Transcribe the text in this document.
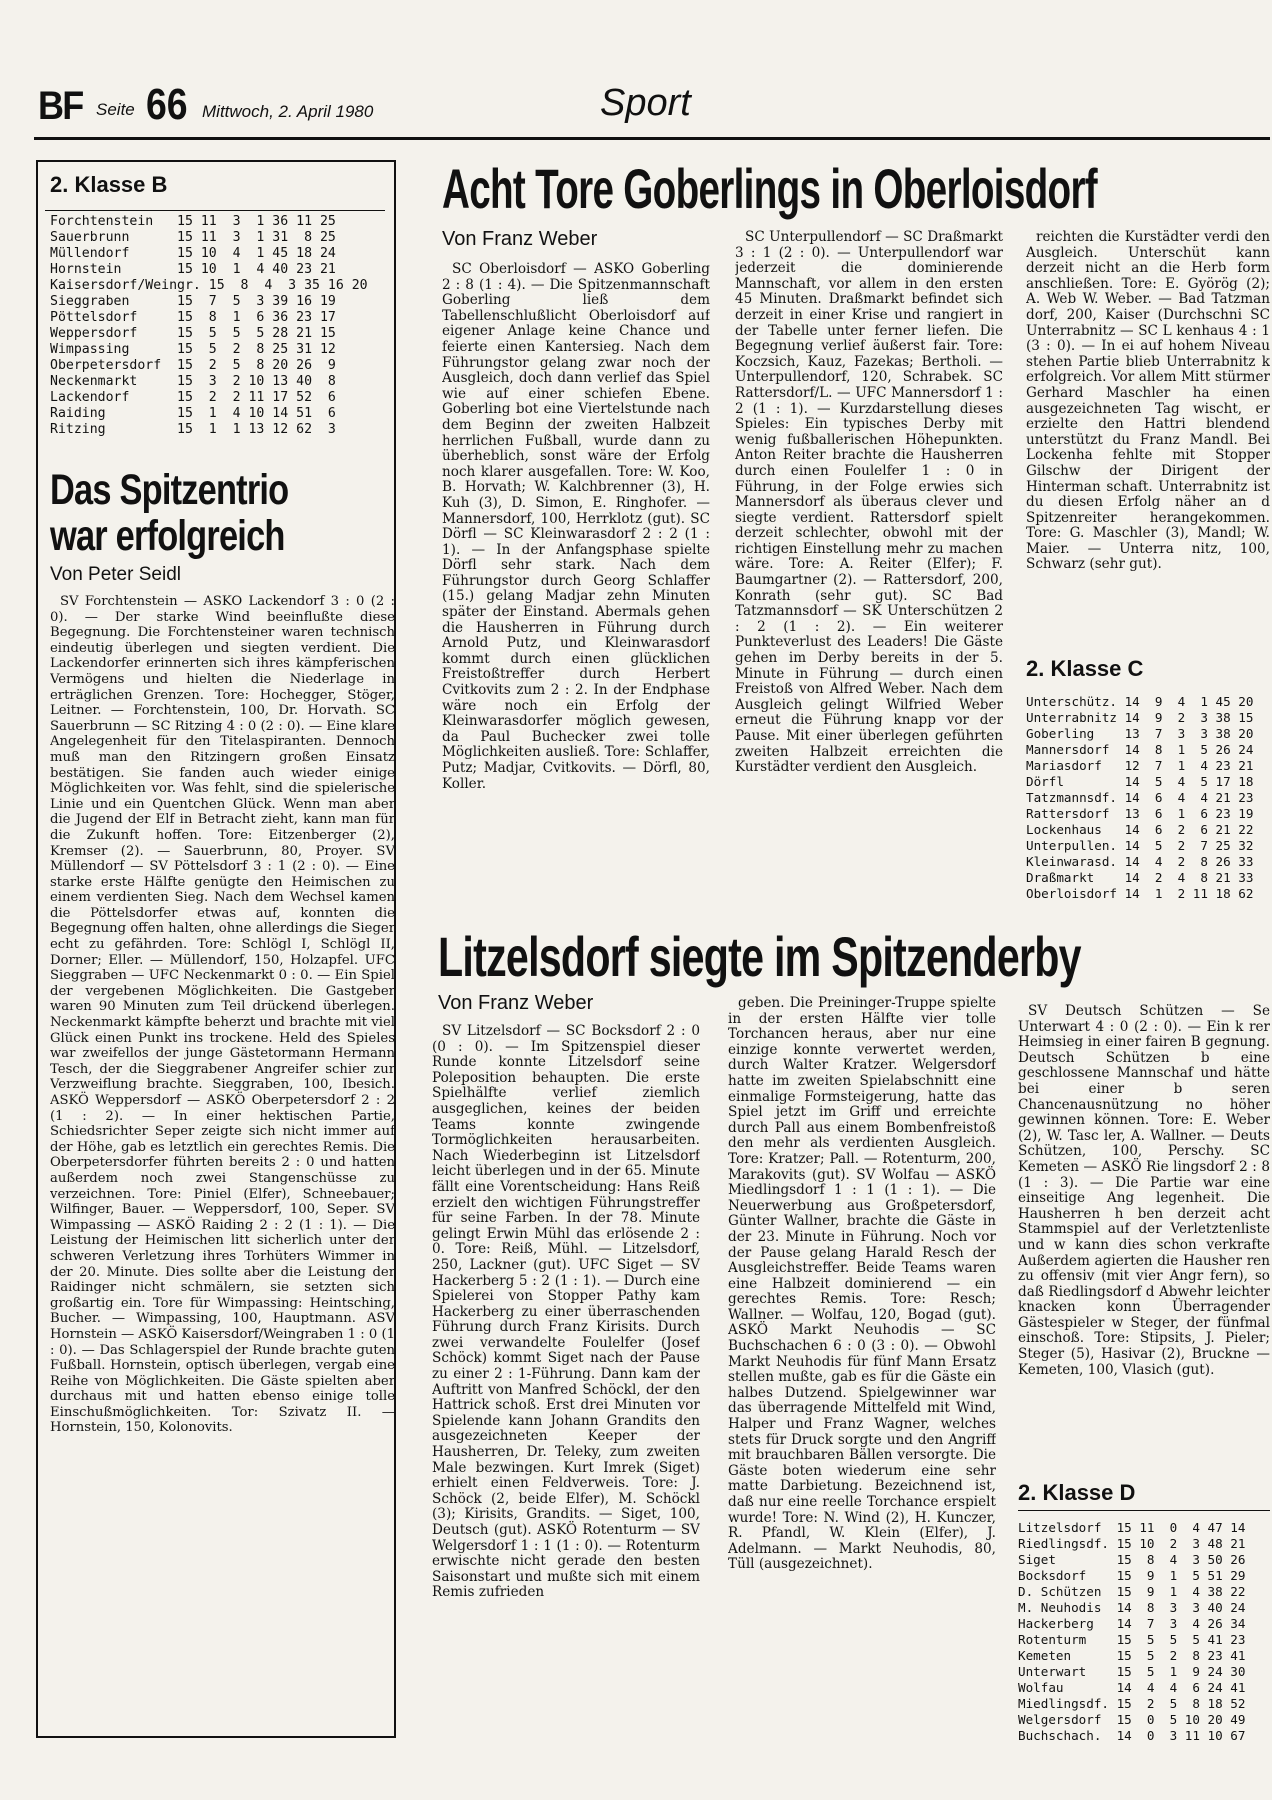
BF Seite 66 Mittwoch, 2. April 1980	Sport
2. Klasse B
Forchtenstein   15 11  3  1 36 11 25
Sauerbrunn      15 11  3  1 31  8 25
Müllendorf      15 10  4  1 45 18 24
Hornstein       15 10  1  4 40 23 21
Kaisersdorf/Weingr. 15  8  4  3 35 16 20
Sieggraben      15  7  5  3 39 16 19
Pöttelsdorf     15  8  1  6 36 23 17
Weppersdorf     15  5  5  5 28 21 15
Wimpassing      15  5  2  8 25 31 12
Oberpetersdorf  15  2  5  8 20 26  9
Neckenmarkt     15  3  2 10 13 40  8
Lackendorf      15  2  2 11 17 52  6
Raiding         15  1  4 10 14 51  6
Ritzing         15  1  1 13 12 62  3
Das Spitzentrio
war erfolgreich
Von Peter Seidl

SV Forchtenstein — ASKÖ Lackendorf 3 : 0 (2 : 0). — Der starke Wind beeinflußte diese Begegnung. Die Forchtensteiner waren technisch eindeutig überlegen und siegten verdient. Die Lackendorfer erinnerten sich ihres kämpferischen Vermögens und hielten die Niederlage in erträglichen Grenzen. Tore: Hochegger, Stöger, Leitner. — Forchtenstein, 100, Dr. Horvath. SC Sauerbrunn — SC Ritzing 4 : 0 (2 : 0). — Eine klare Angelegenheit für den Titelaspiranten. Dennoch muß man den Ritzingern großen Einsatz bestätigen. Sie fanden auch wieder einige Möglichkeiten vor. Was fehlt, sind die spielerische Linie und ein Quentchen Glück. Wenn man aber die Jugend der Elf in Betracht zieht, kann man für die Zukunft hoffen. Tore: Eitzenberger (2), Kremser (2). — Sauerbrunn, 80, Proyer. SV Müllendorf — SV Pöttelsdorf 3 : 1 (2 : 0). — Eine starke erste Hälfte genügte den Heimischen zu einem verdienten Sieg. Nach dem Wechsel kamen die Pöttelsdorfer etwas auf, konnten die Begegnung offen halten, ohne allerdings die Sieger echt zu gefährden. Tore: Schlögl I, Schlögl II, Dorner; Eller. — Müllendorf, 150, Holzapfel. UFC Sieggraben — UFC Neckenmarkt 0 : 0. — Ein Spiel der vergebenen Möglichkeiten. Die Gastgeber waren 90 Minuten zum Teil drückend überlegen. Neckenmarkt kämpfte beherzt und brachte mit viel Glück einen Punkt ins trockene. Held des Spieles war zweifellos der junge Gästetormann Hermann Tesch, der die Sieggrabener Angreifer schier zur Verzweiflung brachte. Sieggraben, 100, Ibesich. ASKÖ Weppersdorf — ASKÖ Oberpetersdorf 2 : 2 (1 : 2). — In einer hektischen Partie, Schiedsrichter Seper zeigte sich nicht immer auf der Höhe, gab es letztlich ein gerechtes Remis. Die Oberpetersdorfer führten bereits 2 : 0 und hatten außerdem noch zwei Stangenschüsse zu verzeichnen. Tore: Piniel (Elfer), Schneebauer; Wilfinger, Bauer. — Weppersdorf, 100, Seper. SV Wimpassing — ASKÖ Raiding 2 : 2 (1 : 1). — Die Leistung der Heimischen litt sicherlich unter der schweren Verletzung ihres Torhüters Wimmer in der 20. Minute. Dies sollte aber die Leistung der Raidinger nicht schmälern, sie setzten sich großartig ein. Tore für Wimpassing: Heintsching, Bucher. — Wimpassing, 100, Hauptmann. ASV Hornstein — ASKÖ Kaisersdorf/Weingraben 1 : 0 (1 : 0). — Das Schlagerspiel der Runde brachte guten Fußball. Hornstein, optisch überlegen, vergab eine Reihe von Möglichkeiten. Die Gäste spielten aber durchaus mit und hatten ebenso einige tolle Einschußmöglichkeiten. Tor: Szivatz II. — Hornstein, 150, Kolonovits.

Acht Tore Goberlings in Oberloisdorf
Von Franz Weber

SC Oberloisdorf — ASKÖ Goberling 2 : 8 (1 : 4). — Die Spitzenmannschaft Goberling ließ dem Tabellenschlußlicht Oberloisdorf auf eigener Anlage keine Chance und feierte einen Kantersieg. Nach dem Führungstor gelang zwar noch der Ausgleich, doch dann verlief das Spiel wie auf einer schiefen Ebene. Goberling bot eine Viertelstunde nach dem Beginn der zweiten Halbzeit herrlichen Fußball, wurde dann zu überheblich, sonst wäre der Erfolg noch klarer ausgefallen. Tore: W. Koo, B. Horvath; W. Kalchbrenner (3), H. Kuh (3), D. Simon, E. Ringhofer. — Mannersdorf, 100, Herrklotz (gut). SC Dörfl — SC Kleinwarasdorf 2 : 2 (1 : 1). — In der Anfangsphase spielte Dörfl sehr stark. Nach dem Führungstor durch Georg Schlaffer (15.) gelang Madjar zehn Minuten später der Einstand. Abermals gehen die Hausherren in Führung durch Arnold Putz, und Kleinwarasdorf kommt durch einen glücklichen Freistoßtreffer durch Herbert Cvitkovits zum 2 : 2. In der Endphase wäre noch ein Erfolg der Kleinwarasdorfer möglich gewesen, da Paul Buchecker zwei tolle Möglichkeiten ausließ. Tore: Schlaffer, Putz; Madjar, Cvitkovits. — Dörfl, 80, Koller.

SC Unterpullendorf — SC Draßmarkt 3 : 1 (2 : 0). — Unterpullendorf war jederzeit die dominierende Mannschaft, vor allem in den ersten 45 Minuten. Draßmarkt befindet sich derzeit in einer Krise und rangiert in der Tabelle unter ferner liefen. Die Begegnung verlief äußerst fair. Tore: Koczsich, Kauz, Fazekas; Bertholi. — Unterpullendorf, 120, Schrabek. SC Rattersdorf/L. — UFC Mannersdorf 1 : 2 (1 : 1). — Kurzdarstellung dieses Spieles: Ein typisches Derby mit wenig fußballerischen Höhepunkten. Anton Reiter brachte die Hausherren durch einen Foulelfer 1 : 0 in Führung, in der Folge erwies sich Mannersdorf als überaus clever und siegte verdient. Rattersdorf spielt derzeit schlechter, obwohl mit der richtigen Einstellung mehr zu machen wäre. Tore: A. Reiter (Elfer); F. Baumgartner (2). — Rattersdorf, 200, Konrath (sehr gut). SC Bad Tatzmannsdorf — SK Unterschützen 2 : 2 (1 : 2). — Ein weiterer Punkteverlust des Leaders! Die Gäste gehen im Derby bereits in der 5. Minute in Führung — durch einen Freistoß von Alfred Weber. Nach dem Ausgleich gelingt Wilfried Weber erneut die Führung knapp vor der Pause. Mit einer überlegen geführten zweiten Halbzeit erreichten die Kurstädter verdient den Ausgleich.

reichten die Kurstädter verdi den Ausgleich. Unterschüt kann derzeit nicht an die Herb form anschließen. Tore: E. Györög (2); A. Web W. Weber. — Bad Tatzman dorf, 200, Kaiser (Durchschni SC Unterrabnitz — SC L kenhaus 4 : 1 (3 : 0). — In ei auf hohem Niveau stehen Partie blieb Unterrabnitz k erfolgreich. Vor allem Mitt stürmer Gerhard Maschler ha einen ausgezeichneten Tag wischt, er erzielte den Hattri blendend unterstützt du Franz Mandl. Bei Lockenha fehlte mit Stopper Gilschw der Dirigent der Hinterman schaft. Unterrabnitz ist du diesen Erfolg näher an d Spitzenreiter herangekommen. Tore: G. Maschler (3), Mandl; W. Maier. — Unterra nitz, 100, Schwarz (sehr gut).

2. Klasse C
Unterschütz. 14  9  4  1 45 20
Unterrabnitz 14  9  2  3 38 15
Goberling    13  7  3  3 38 20
Mannersdorf  14  8  1  5 26 24
Mariasdorf   12  7  1  4 23 21
Dörfl        14  5  4  5 17 18
Tatzmannsdf. 14  6  4  4 21 23
Rattersdorf  13  6  1  6 23 19
Lockenhaus   14  6  2  6 21 22
Unterpullen. 14  5  2  7 25 32
Kleinwarasd. 14  4  2  8 26 33
Draßmarkt    14  2  4  8 21 33
Oberloisdorf 14  1  2 11 18 62
Litzelsdorf siegte im Spitzenderby
Von Franz Weber

SV Litzelsdorf — SC Bocksdorf 2 : 0 (0 : 0). — Im Spitzenspiel dieser Runde konnte Litzelsdorf seine Poleposition behaupten. Die erste Spielhälfte verlief ziemlich ausgeglichen, keines der beiden Teams konnte zwingende Tormöglichkeiten herausarbeiten. Nach Wiederbeginn ist Litzelsdorf leicht überlegen und in der 65. Minute fällt eine Vorentscheidung: Hans Reiß erzielt den wichtigen Führungstreffer für seine Farben. In der 78. Minute gelingt Erwin Mühl das erlösende 2 : 0. Tore: Reiß, Mühl. — Litzelsdorf, 250, Lackner (gut). UFC Siget — SV Hackerberg 5 : 2 (1 : 1). — Durch eine Spielerei von Stopper Pathy kam Hackerberg zu einer überraschenden Führung durch Franz Kirisits. Durch zwei verwandelte Foulelfer (Josef Schöck) kommt Siget nach der Pause zu einer 2 : 1-Führung. Dann kam der Auftritt von Manfred Schöckl, der den Hattrick schoß. Erst drei Minuten vor Spielende kann Johann Grandits den ausgezeichneten Keeper der Hausherren, Dr. Teleky, zum zweiten Male bezwingen. Kurt Imrek (Siget) erhielt einen Feldverweis. Tore: J. Schöck (2, beide Elfer), M. Schöckl (3); Kirisits, Grandits. — Siget, 100, Deutsch (gut). ASKÖ Rotenturm — SV Welgersdorf 1 : 1 (1 : 0). — Rotenturm erwischte nicht gerade den besten Saisonstart und mußte sich mit einem Remis zufrieden

geben. Die Preininger-Truppe spielte in der ersten Hälfte vier tolle Torchancen heraus, aber nur eine einzige konnte verwertet werden, durch Walter Kratzer. Welgersdorf hatte im zweiten Spielabschnitt eine einmalige Formsteigerung, hatte das Spiel jetzt im Griff und erreichte durch Pall aus einem Bombenfreistoß den mehr als verdienten Ausgleich. Tore: Kratzer; Pall. — Rotenturm, 200, Marakovits (gut). SV Wolfau — ASKÖ Miedlingsdorf 1 : 1 (1 : 1). — Die Neuerwerbung aus Großpetersdorf, Günter Wallner, brachte die Gäste in der 23. Minute in Führung. Noch vor der Pause gelang Harald Resch der Ausgleichstreffer. Beide Teams waren eine Halbzeit dominierend — ein gerechtes Remis. Tore: Resch; Wallner. — Wolfau, 120, Bogad (gut). ASKÖ Markt Neuhodis — SC Buchschachen 6 : 0 (3 : 0). — Obwohl Markt Neuhodis für fünf Mann Ersatz stellen mußte, gab es für die Gäste ein halbes Dutzend. Spielgewinner war das überragende Mittelfeld mit Wind, Halper und Franz Wagner, welches stets für Druck sorgte und den Angriff mit brauchbaren Bällen versorgte. Die Gäste boten wiederum eine sehr matte Darbietung. Bezeichnend ist, daß nur eine reelle Torchance erspielt wurde! Tore: N. Wind (2), H. Kunczer, R. Pfandl, W. Klein (Elfer), J. Adelmann. — Markt Neuhodis, 80, Tüll (ausgezeichnet).

SV Deutsch Schützen — Se Unterwart 4 : 0 (2 : 0). — Ein k rer Heimsieg in einer fairen B gegnung. Deutsch Schützen b eine geschlossene Mannschaf und hätte bei einer b seren Chancenausnützung no höher gewinnen können. Tore: E. Weber (2), W. Tasc ler, A. Wallner. — Deuts Schützen, 100, Perschy. SC Kemeten — ASKÖ Rie lingsdorf 2 : 8 (1 : 3). — Die Partie war eine einseitige Ang legenheit. Die Hausherren h ben derzeit acht Stammspiel auf der Verletztenliste und w kann dies schon verkrafte Außerdem agierten die Hausher ren zu offensiv (mit vier Angr fern), so daß Riedlingsdorf d Abwehr leichter knacken konn Überragender Gästespieler w Steger, der fünfmal einschoß. Tore: Stipsits, J. Pieler; Steger (5), Hasivar (2), Bruckne — Kemeten, 100, Vlasich (gut).

2. Klasse D
Litzelsdorf  15 11  0  4 47 14
Riedlingsdf. 15 10  2  3 48 21
Siget        15  8  4  3 50 26
Bocksdorf    15  9  1  5 51 29
D. Schützen  15  9  1  4 38 22
M. Neuhodis  14  8  3  3 40 24
Hackerberg   14  7  3  4 26 34
Rotenturm    15  5  5  5 41 23
Kemeten      15  5  2  8 23 41
Unterwart    15  5  1  9 24 30
Wolfau       14  4  4  6 24 41
Miedlingsdf. 15  2  5  8 18 52
Welgersdorf  15  0  5 10 20 49
Buchschach.  14  0  3 11 10 67
